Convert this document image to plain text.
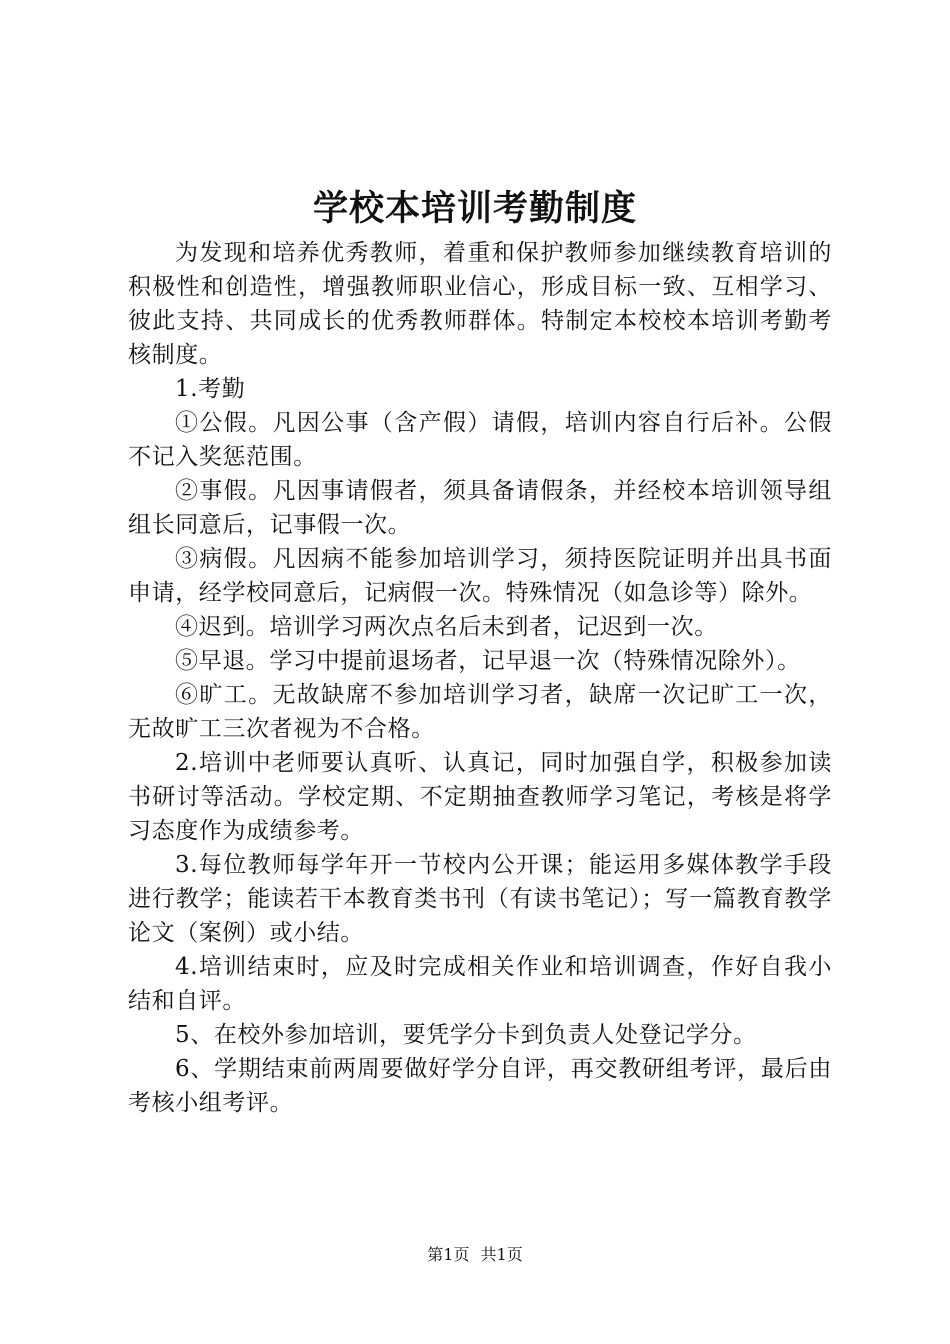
学校本培训考勤制度

为发现和培养优秀教师，着重和保护教师参加继续教育培训的积极性和创造性，增强教师职业信心，形成目标一致、互相学习、彼此支持、共同成长的优秀教师群体。特制定本校校本培训考勤考核制度。

1.考勤

①公假。凡因公事（含产假）请假，培训内容自行后补。公假不记入奖惩范围。

②事假。凡因事请假者，须具备请假条，并经校本培训领导组组长同意后，记事假一次。

③病假。凡因病不能参加培训学习，须持医院证明并出具书面申请，经学校同意后，记病假一次。特殊情况（如急诊等）除外。

④迟到。培训学习两次点名后未到者，记迟到一次。

⑤早退。学习中提前退场者，记早退一次（特殊情况除外）。

⑥旷工。无故缺席不参加培训学习者，缺席一次记旷工一次，无故旷工三次者视为不合格。

2.培训中老师要认真听、认真记，同时加强自学，积极参加读书研讨等活动。学校定期、不定期抽查教师学习笔记，考核是将学习态度作为成绩参考。

3.每位教师每学年开一节校内公开课；能运用多媒体教学手段进行教学；能读若干本教育类书刊（有读书笔记）；写一篇教育教学论文（案例）或小结。

4.培训结束时，应及时完成相关作业和培训调查，作好自我小结和自评。

5、在校外参加培训，要凭学分卡到负责人处登记学分。

6、学期结束前两周要做好学分自评，再交教研组考评，最后由考核小组考评。

第1页 共1页
